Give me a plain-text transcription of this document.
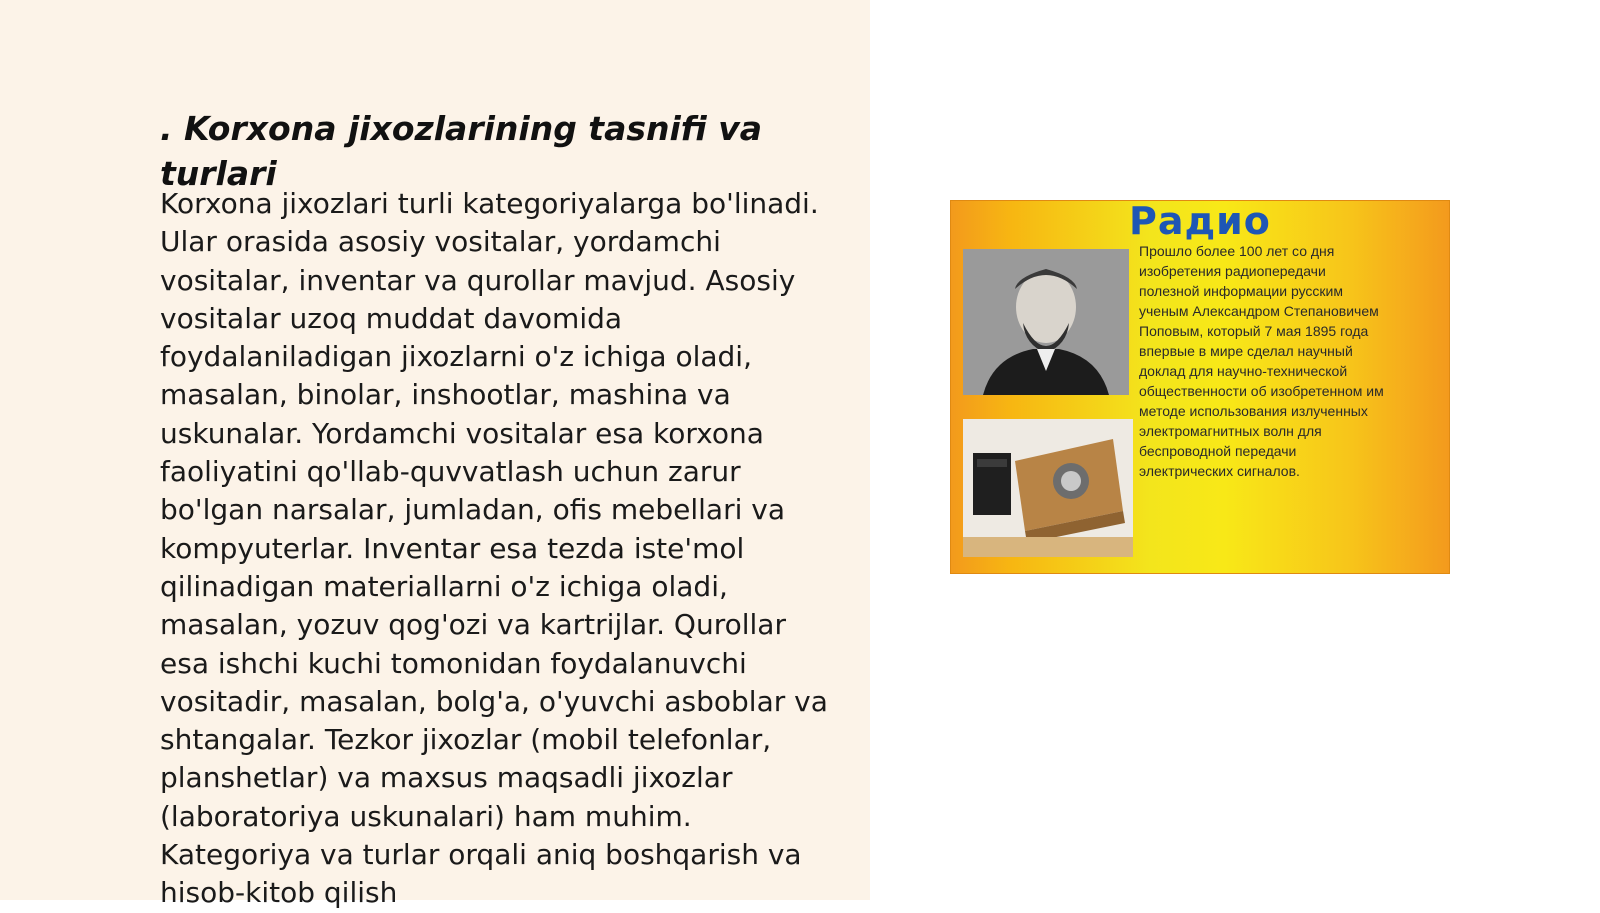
. Korxona jixozlarining tasnifi va turlari

Korxona jixozlari turli kategoriyalarga bo'linadi. Ular orasida asosiy vositalar, yordamchi vositalar, inventar va qurollar mavjud. Asosiy vositalar uzoq muddat davomida foydalaniladigan jixozlarni o'z ichiga oladi, masalan, binolar, inshootlar, mashina va uskunalar. Yordamchi vositalar esa korxona faoliyatini qo'llab-quvvatlash uchun zarur bo'lgan narsalar, jumladan, ofis mebellari va kompyuterlar. Inventar esa tezda iste'mol qilinadigan materiallarni o'z ichiga oladi, masalan, yozuv qog'ozi va kartrijlar. Qurollar esa ishchi kuchi tomonidan foydalanuvchi vositadir, masalan, bolg'a, o'yuvchi asboblar va shtangalar. Tezkor jixozlar (mobil telefonlar, planshetlar) va maxsus maqsadli jixozlar (laboratoriya uskunalari) ham muhim. Kategoriya va turlar orqali aniq boshqarish va hisob-kitob qilish

Радио

Прошло более 100 лет со дня
изобретения радиопередачи
полезной информации русским
ученым Александром Степановичем
Поповым, который 7 мая 1895 года
впервые в мире сделал научный
доклад для научно-технической
общественности об изобретенном им
методе использования излученных
электромагнитных волн для
беспроводной передачи
электрических сигналов.
